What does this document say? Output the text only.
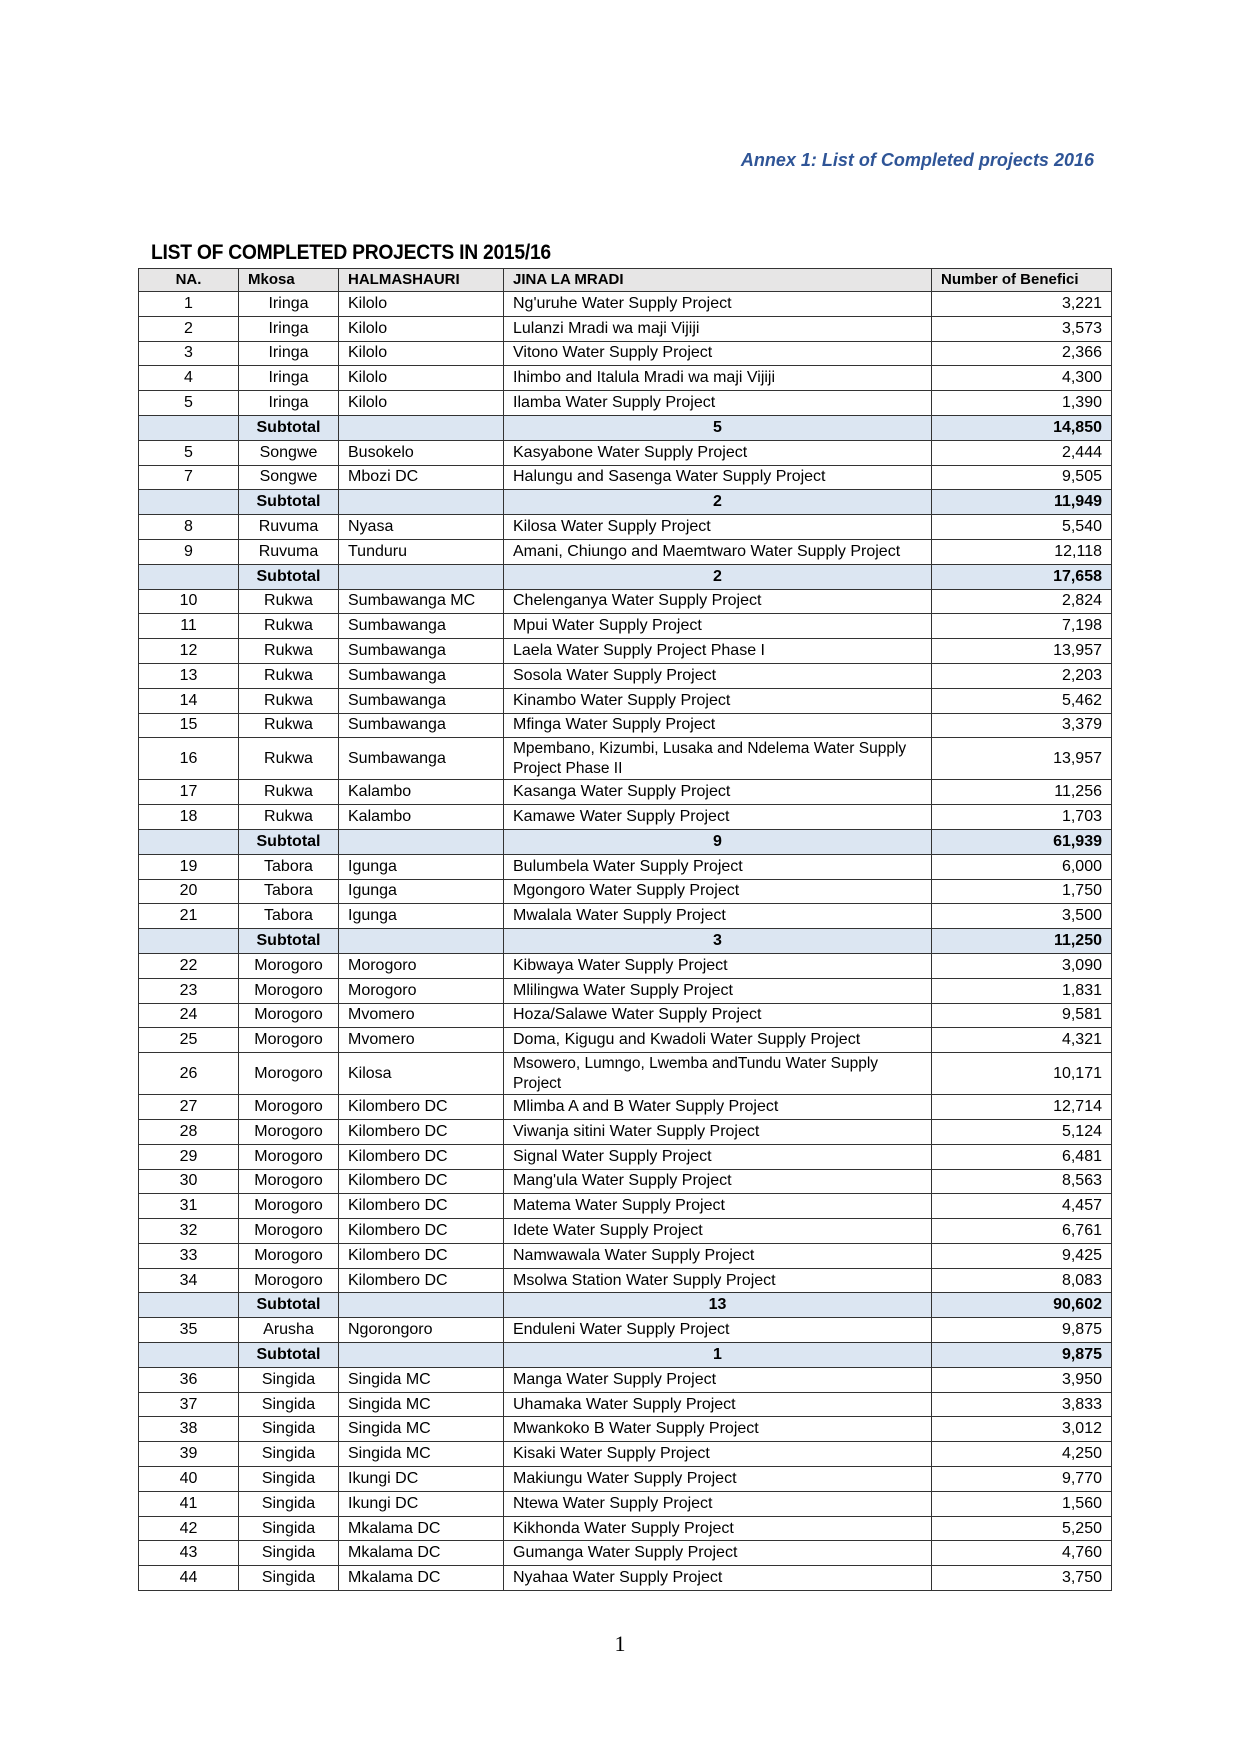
Annex 1: List of Completed projects 2016
LIST OF COMPLETED PROJECTS IN 2015/16
NA.	Mkosa	HALMASHAURI	JINA LA MRADI	Number of Benefici
1	Iringa	Kilolo	Ng'uruhe Water Supply Project	3,221
2	Iringa	Kilolo	Lulanzi Mradi wa maji Vijiji	3,573
3	Iringa	Kilolo	Vitono Water Supply Project	2,366
4	Iringa	Kilolo	Ihimbo and Italula Mradi wa maji Vijiji	4,300
5	Iringa	Kilolo	Ilamba Water Supply Project	1,390
	Subtotal		5	14,850
5	Songwe	Busokelo	Kasyabone Water Supply Project	2,444
7	Songwe	Mbozi DC	Halungu and Sasenga Water Supply Project	9,505
	Subtotal		2	11,949
8	Ruvuma	Nyasa	Kilosa Water Supply Project	5,540
9	Ruvuma	Tunduru	Amani, Chiungo and Maemtwaro Water Supply Project	12,118
	Subtotal		2	17,658
10	Rukwa	Sumbawanga MC	Chelenganya Water Supply Project	2,824
11	Rukwa	Sumbawanga	Mpui Water Supply Project	7,198
12	Rukwa	Sumbawanga	Laela Water Supply Project Phase I	13,957
13	Rukwa	Sumbawanga	Sosola Water Supply Project	2,203
14	Rukwa	Sumbawanga	Kinambo Water Supply Project	5,462
15	Rukwa	Sumbawanga	Mfinga Water Supply Project	3,379
16	Rukwa	Sumbawanga	Mpembano, Kizumbi, Lusaka and Ndelema Water Supply Project Phase II	13,957
17	Rukwa	Kalambo	Kasanga Water Supply Project	11,256
18	Rukwa	Kalambo	Kamawe Water Supply Project	1,703
	Subtotal		9	61,939
19	Tabora	Igunga	Bulumbela Water Supply Project	6,000
20	Tabora	Igunga	Mgongoro Water Supply Project	1,750
21	Tabora	Igunga	Mwalala Water Supply Project	3,500
	Subtotal		3	11,250
22	Morogoro	Morogoro	Kibwaya Water Supply Project	3,090
23	Morogoro	Morogoro	Mlilingwa Water Supply Project	1,831
24	Morogoro	Mvomero	Hoza/Salawe Water Supply Project	9,581
25	Morogoro	Mvomero	Doma, Kigugu and Kwadoli Water Supply Project	4,321
26	Morogoro	Kilosa	Msowero, Lumngo, Lwemba andTundu Water Supply Project	10,171
27	Morogoro	Kilombero DC	Mlimba A and B Water Supply Project	12,714
28	Morogoro	Kilombero DC	Viwanja sitini Water Supply Project	5,124
29	Morogoro	Kilombero DC	Signal Water Supply Project	6,481
30	Morogoro	Kilombero DC	Mang'ula Water Supply Project	8,563
31	Morogoro	Kilombero DC	Matema Water Supply Project	4,457
32	Morogoro	Kilombero DC	Idete Water Supply Project	6,761
33	Morogoro	Kilombero DC	Namwawala Water Supply Project	9,425
34	Morogoro	Kilombero DC	Msolwa Station Water Supply Project	8,083
	Subtotal		13	90,602
35	Arusha	Ngorongoro	Enduleni Water Supply Project	9,875
	Subtotal		1	9,875
36	Singida	Singida MC	Manga Water Supply Project	3,950
37	Singida	Singida MC	Uhamaka Water Supply Project	3,833
38	Singida	Singida MC	Mwankoko B Water Supply Project	3,012
39	Singida	Singida MC	Kisaki Water Supply Project	4,250
40	Singida	Ikungi DC	Makiungu Water Supply Project	9,770
41	Singida	Ikungi DC	Ntewa Water Supply Project	1,560
42	Singida	Mkalama DC	Kikhonda Water Supply Project	5,250
43	Singida	Mkalama DC	Gumanga Water Supply Project	4,760
44	Singida	Mkalama DC	Nyahaa Water Supply Project	3,750
1
